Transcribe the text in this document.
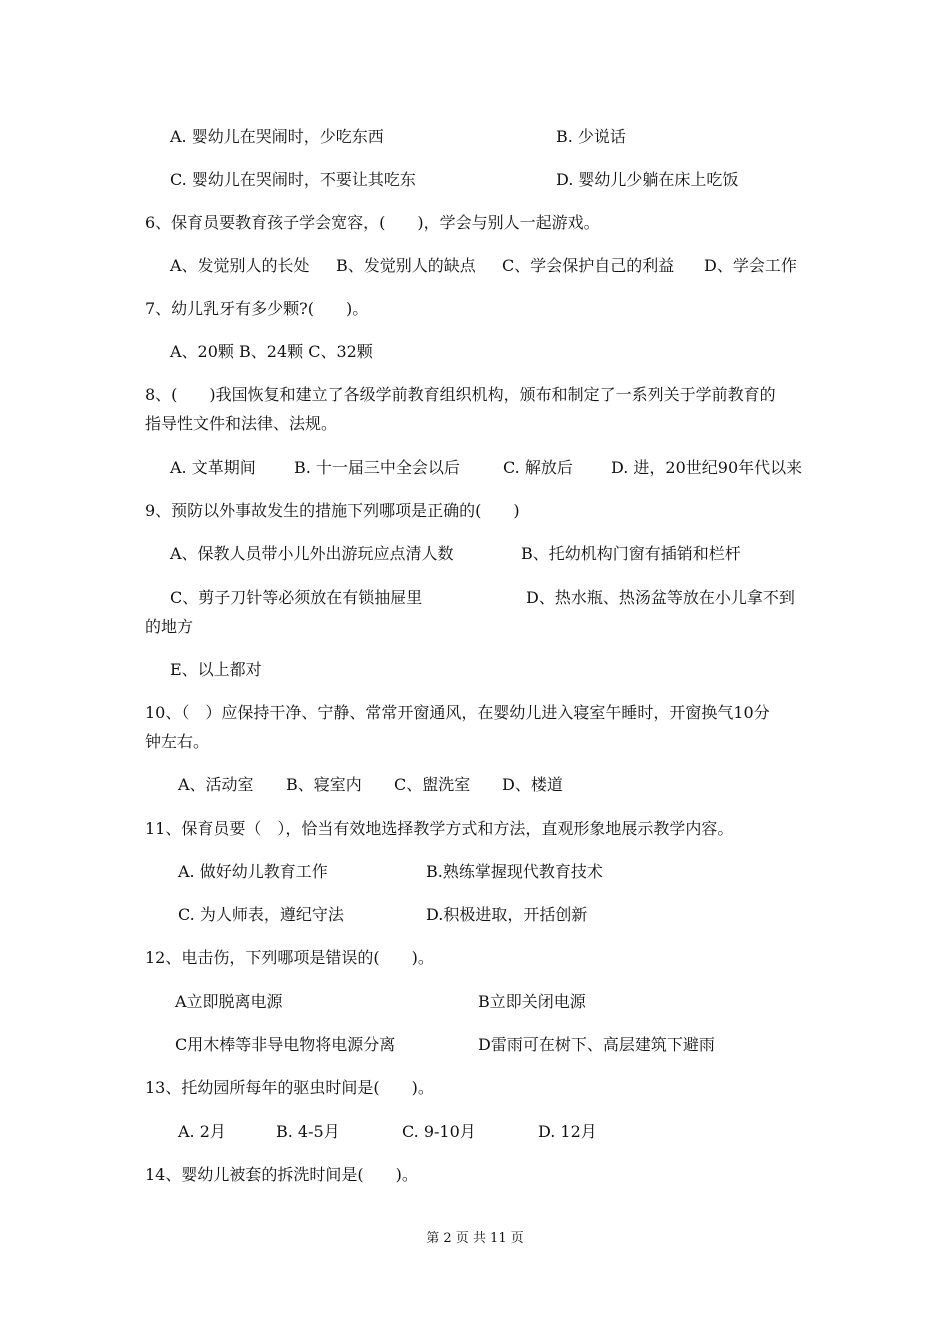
A. 婴幼儿在哭闹时，少吃东西	B. 少说话
C. 婴幼儿在哭闹时，不要让其吃东	D. 婴幼儿少躺在床上吃饭
6、保育员要教育孩子学会宽容，(　　)，学会与别人一起游戏。
A、发觉别人的长处 B、发觉别人的缺点 C、学会保护自己的利益 D、学会工作
7、幼儿乳牙有多少颗?(　　)。
A、20颗 B、24颗 C、32颗
8、(　　)我国恢复和建立了各级学前教育组织机构，颁布和制定了一系列关于学前教育的
指导性文件和法律、法规。
A. 文革期间 B. 十一届三中全会以后	C. 解放后 D. 进，20世纪90年代以来
9、预防以外事故发生的措施下列哪项是正确的(　　)
A、保教人员带小儿外出游玩应点清人数	B、托幼机构门窗有插销和栏杆
C、剪子刀针等必须放在有锁抽屉里	D、热水瓶、热汤盆等放在小儿拿不到
的地方
E、以上都对
10、（　）应保持干净、宁静、常常开窗通风，在婴幼儿进入寝室午睡时，开窗换气10分
钟左右。
A、活动室 B、寝室内 C、盥洗室 D、楼道
11、保育员要（　），恰当有效地选择教学方式和方法，直观形象地展示教学内容。
A. 做好幼儿教育工作	B.熟练掌握现代教育技术
C. 为人师表，遵纪守法	D.积极进取，开括创新
12、电击伤，下列哪项是错误的(　　)。
A立即脱离电源	B立即关闭电源
C用木棒等非导电物将电源分离	D雷雨可在树下、高层建筑下避雨
13、托幼园所每年的驱虫时间是(　　)。
A. 2月	B. 4-5月	C. 9-10月	D. 12月
14、婴幼儿被套的拆洗时间是(　　)。
第 2 页 共 11 页
